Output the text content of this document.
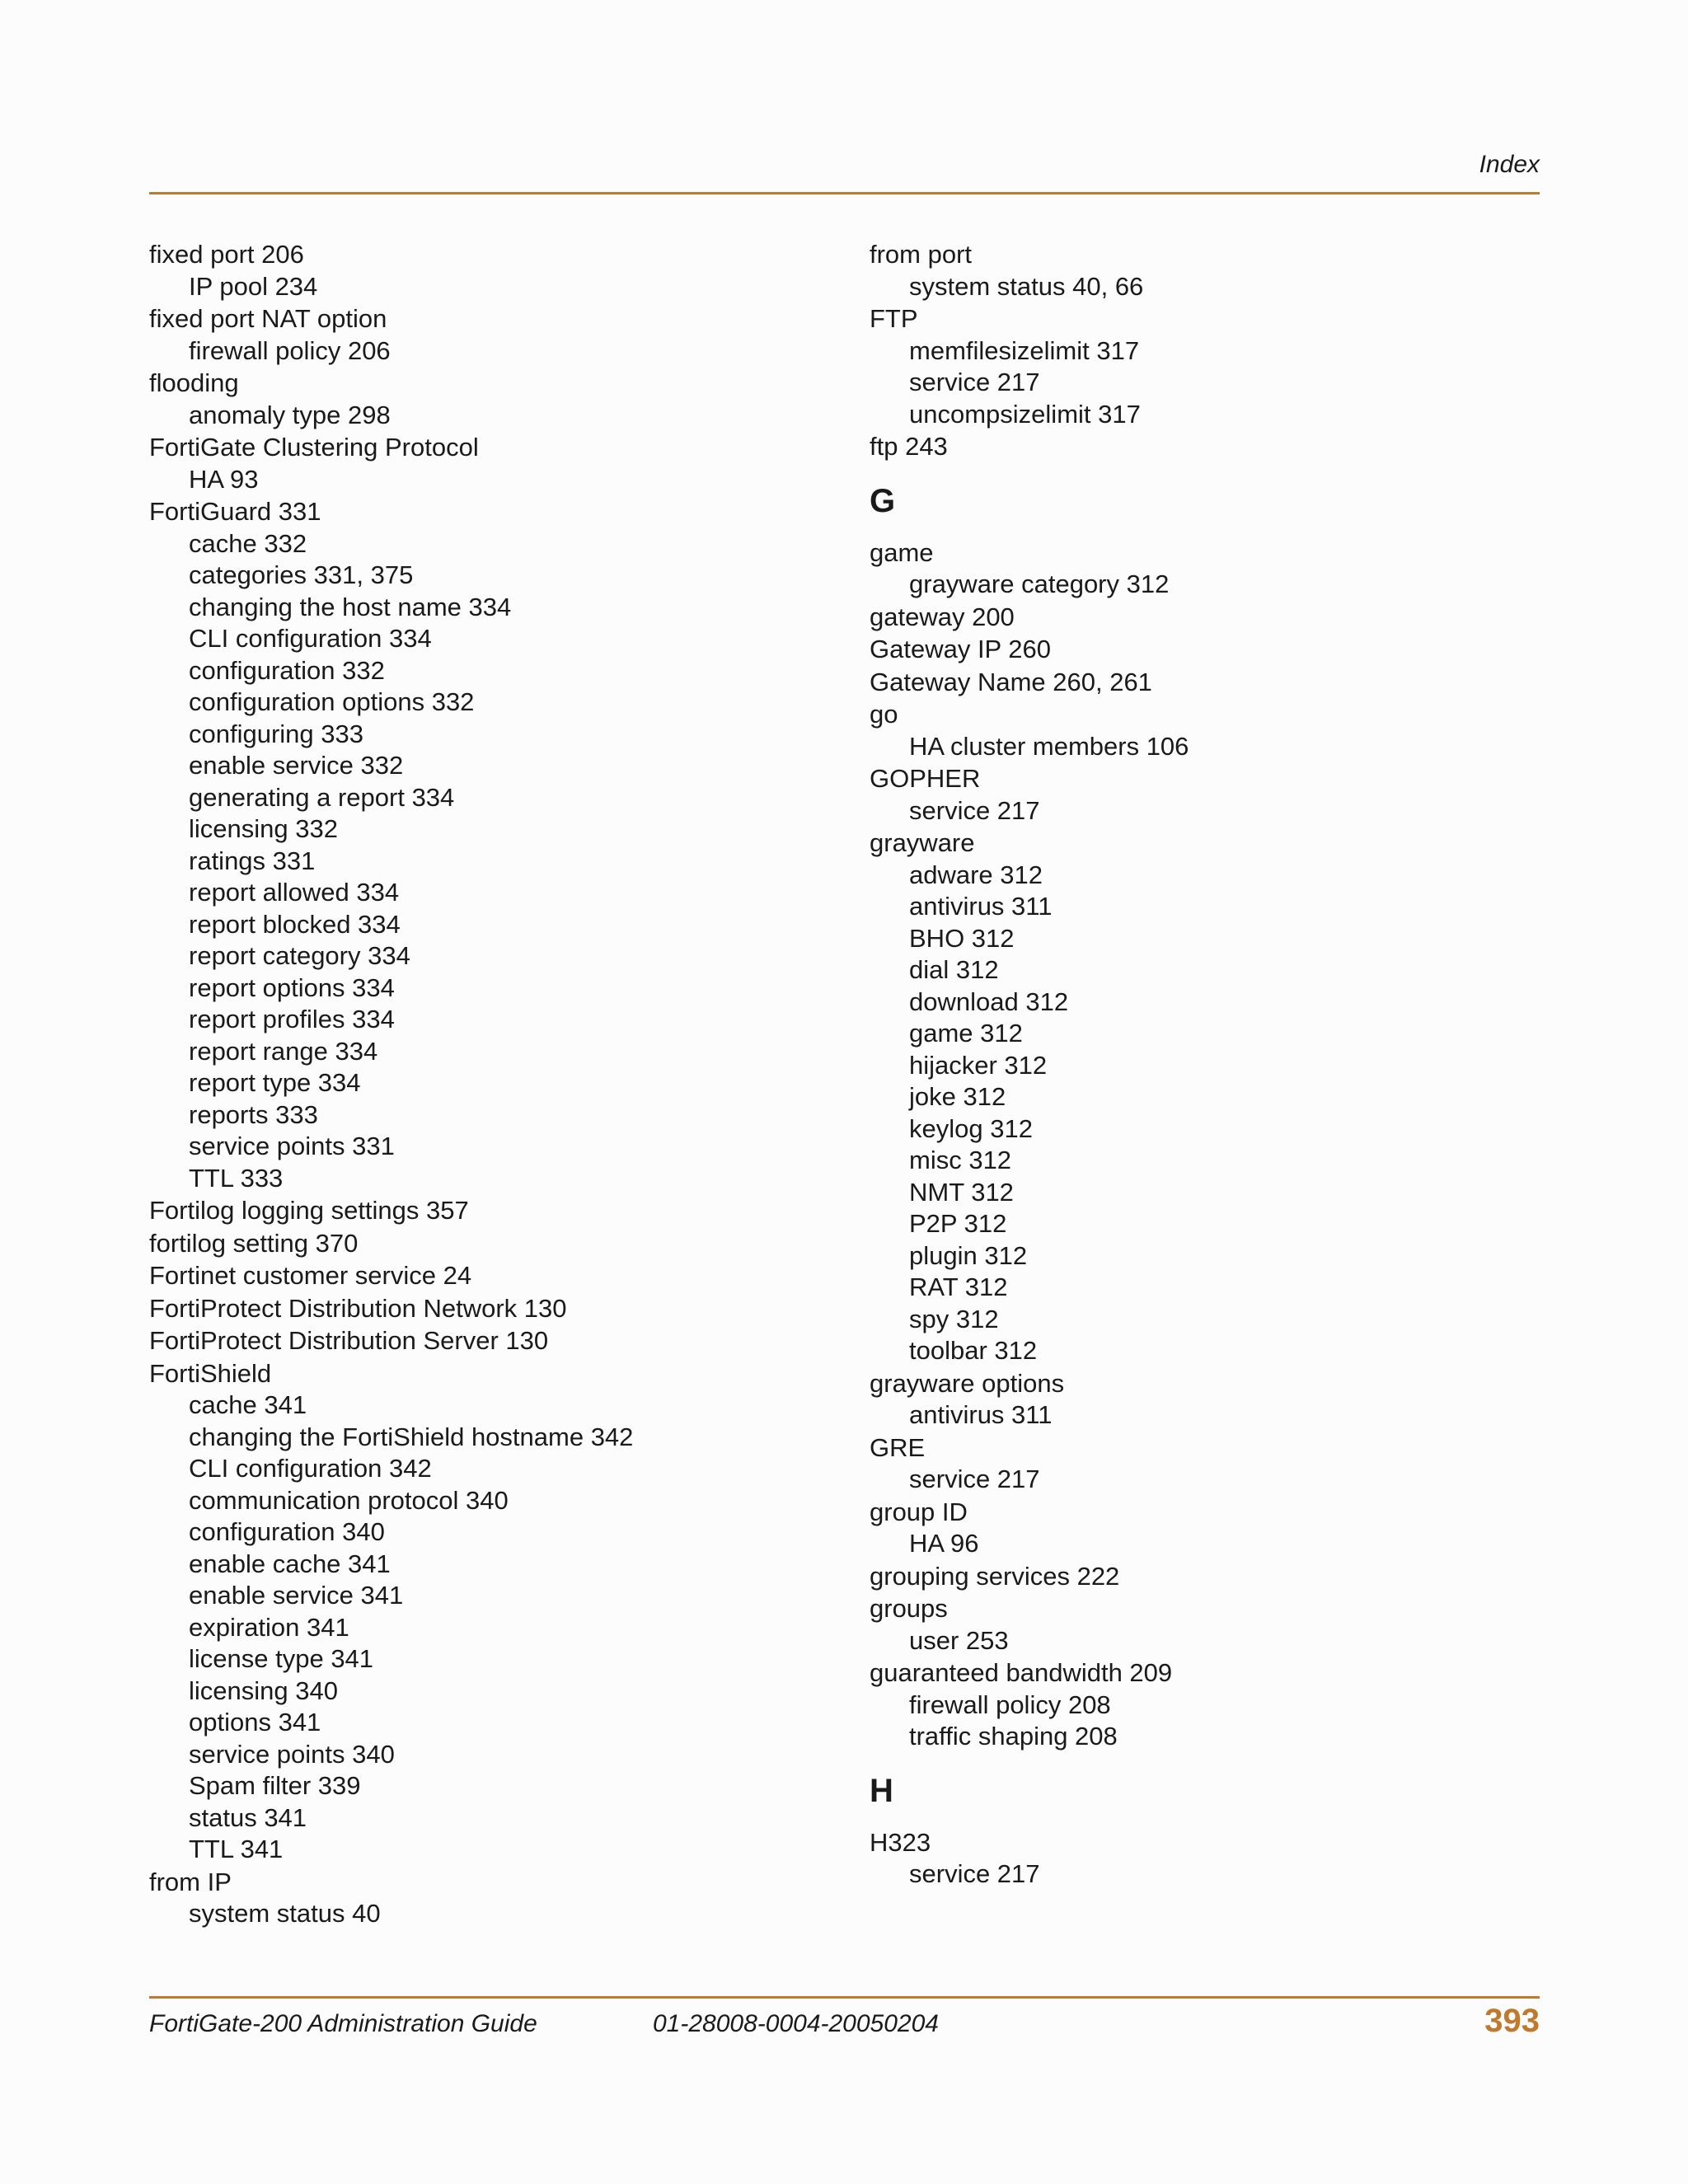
Index
fixed port 206
IP pool 234
fixed port NAT option
firewall policy 206
flooding
anomaly type 298
FortiGate Clustering Protocol
HA 93
FortiGuard 331
cache 332
categories 331, 375
changing the host name 334
CLI configuration 334
configuration 332
configuration options 332
configuring 333
enable service 332
generating a report 334
licensing 332
ratings 331
report allowed 334
report blocked 334
report category 334
report options 334
report profiles 334
report range 334
report type 334
reports 333
service points 331
TTL 333
Fortilog logging settings 357
fortilog setting 370
Fortinet customer service 24
FortiProtect Distribution Network 130
FortiProtect Distribution Server 130
FortiShield
cache 341
changing the FortiShield hostname 342
CLI configuration 342
communication protocol 340
configuration 340
enable cache 341
enable service 341
expiration 341
license type 341
licensing 340
options 341
service points 340
Spam filter 339
status 341
TTL 341
from IP
system status 40
from port
system status 40, 66
FTP
memfilesizelimit 317
service 217
uncompsizelimit 317
ftp 243
G
game
grayware category 312
gateway 200
Gateway IP 260
Gateway Name 260, 261
go
HA cluster members 106
GOPHER
service 217
grayware
adware 312
antivirus 311
BHO 312
dial 312
download 312
game 312
hijacker 312
joke 312
keylog 312
misc 312
NMT 312
P2P 312
plugin 312
RAT 312
spy 312
toolbar 312
grayware options
antivirus 311
GRE
service 217
group ID
HA 96
grouping services 222
groups
user 253
guaranteed bandwidth 209
firewall policy 208
traffic shaping 208
H
H323
service 217
FortiGate-200 Administration Guide	01-28008-0004-20050204	393
